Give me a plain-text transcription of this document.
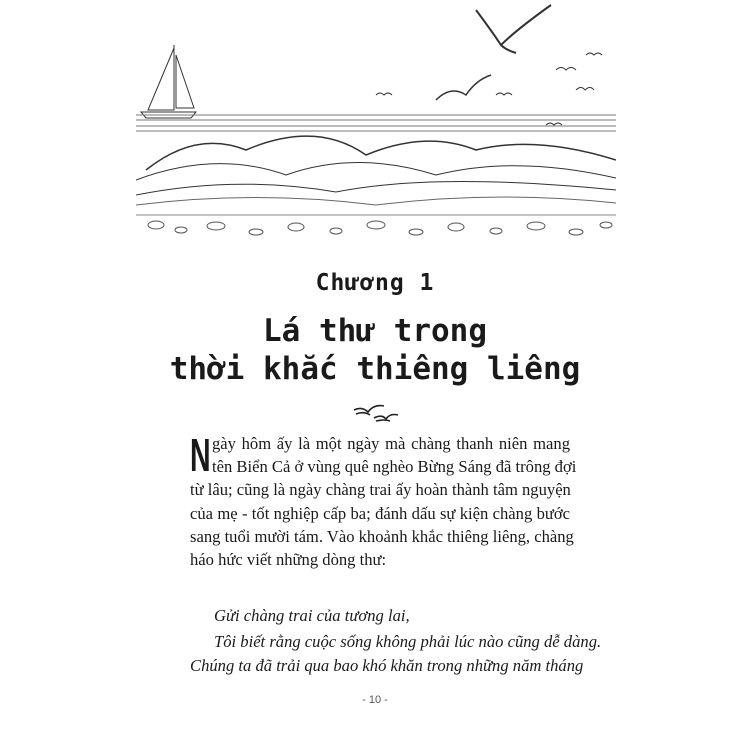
Chương 1
Lá thư trong
thời khắc thiêng liêng
N gày hôm ấy là một ngày mà chàng thanh niên mang
tên Biển Cả ở vùng quê nghèo Bừng Sáng đã trông đợi
từ lâu; cũng là ngày chàng trai ấy hoàn thành tâm nguyện
của mẹ - tốt nghiệp cấp ba; đánh dấu sự kiện chàng bước
sang tuổi mười tám. Vào khoảnh khắc thiêng liêng, chàng
háo hức viết những dòng thư:
Gửi chàng trai của tương lai,
Tôi biết rằng cuộc sống không phải lúc nào cũng dễ dàng.
Chúng ta đã trải qua bao khó khăn trong những năm tháng
- 10 -
